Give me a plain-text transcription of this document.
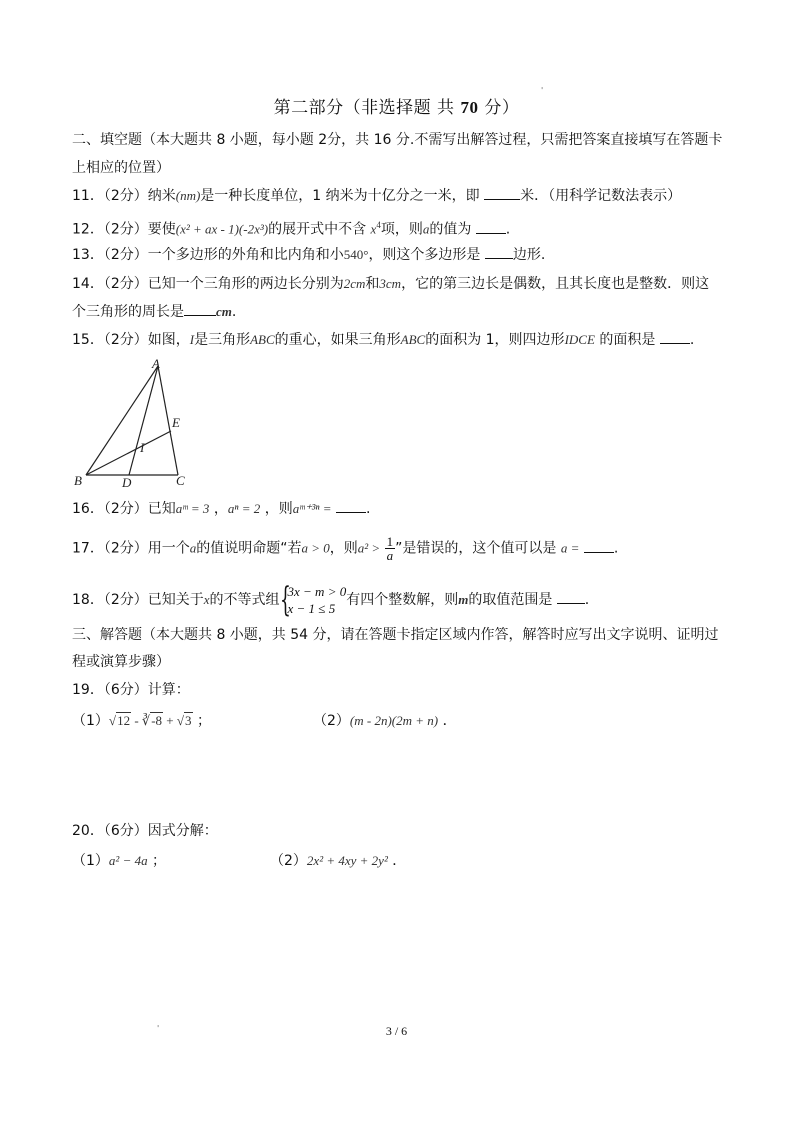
'
第二部分（非选择题 共 70 分）
二、填空题（本大题共 8 小题，每小题 2分，共 16 分.不需写出解答过程，只需把答案直接填写在答题卡
上相应的位置）
11．（2分）纳米(nm)是一种长度单位，1 纳米为十亿分之一米，即	米．（用科学记数法表示）
12．（2分）要使(x² + ax - 1)(-2x³)的展开式中不含 $x^4$项，则a的值为 .
13．（2分）一个多边形的外角和比内角和小540°，则这个多边形是 边形.
14．（2分）已知一个三角形的两边长分别为2cm和3cm，它的第三边长是偶数，且其长度也是整数．则这
个三角形的周长是 cm.
15．（2分）如图，I是三角形ABC的重心，如果三角形ABC的面积为 1，则四边形IDCE 的面积是 .
A
B	C
D
E
I
16．（2分）已知aᵐ = 3 ，aⁿ = 2 ，则aᵐ⁺³ⁿ = .
17．（2分）用一个a的值说明命题“若a > 0，则$a^2 > \frac{1}{a}$ ”是错误的，这个值可以是 a = .
18．（2分）已知关于x的不等式组 {
3x − m > 0
x − 1 ≤ 5
有四个整数解，则m的取值范围是 .
三、解答题（本大题共 8 小题，共 54 分，请在答题卡指定区域内作答，解答时应写出文字说明、证明过
程或演算步骤）
19．（6分）计算：
（1）√12 - ∛-8 + √3 ；	（2）(m - 2n)(2m + n) ．
20．（6分）因式分解：
（1）a² − 4a ；	（2）2x² + 4xy + 2y² ．
'	3 / 6
